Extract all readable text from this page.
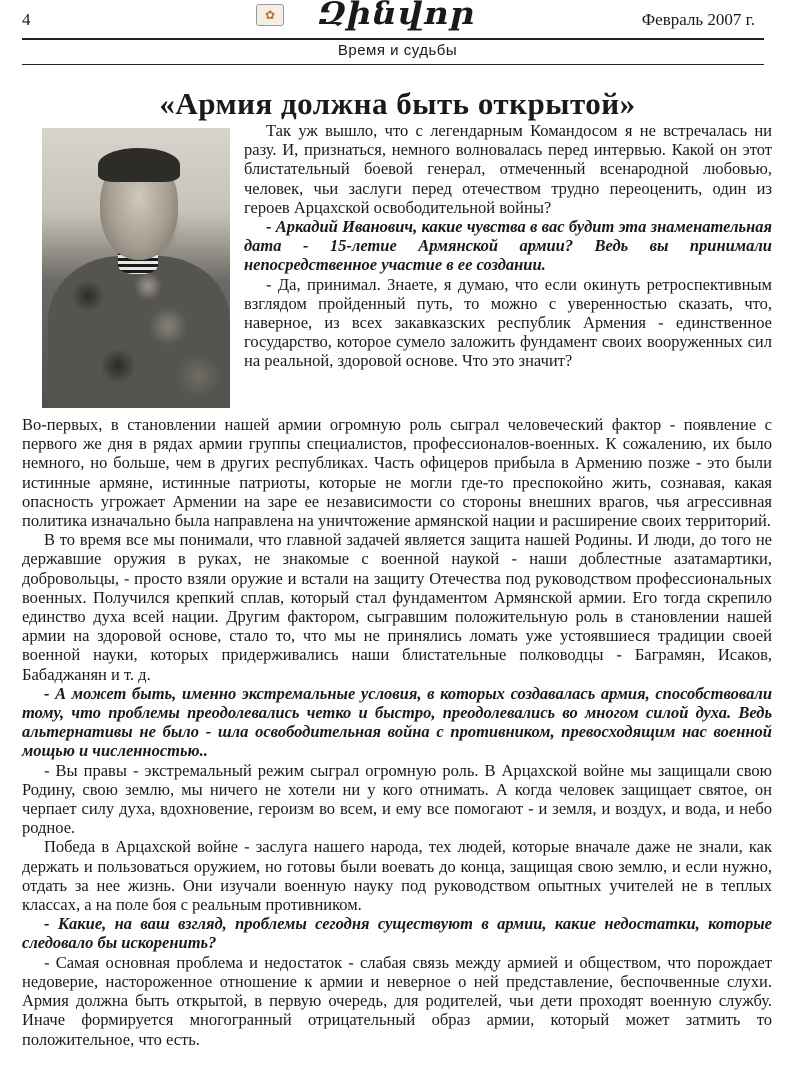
4	✿ Զինվոր	Февраль 2007 г.
Время и судьбы
«Армия должна быть открытой»

Так уж вышло, что с легендарным Командосом я не встречалась ни разу. И, признаться, немного волновалась перед интервью. Какой он этот блистательный боевой генерал, отмеченный всенародной любовью, человек, чьи заслуги перед отечеством трудно переоценить, один из героев Арцахской освободительной войны?

- Аркадий Иванович, какие чувства в вас будит эта знаменательная дата - 15-летие Армянской армии? Ведь вы принимали непосредственное участие в ее создании.

- Да, принимал. Знаете, я думаю, что если окинуть ретроспективным взглядом пройденный путь, то можно с уверенностью сказать, что, наверное, из всех закавказских республик Армения - единственное государство, которое сумело заложить фундамент своих вооруженных сил на реальной, здоровой основе. Что это значит?

Во-первых, в становлении нашей армии огромную роль сыграл человеческий фактор - появление с первого же дня в рядах армии группы специалистов, профессионалов-военных. К сожалению, их было немного, но больше, чем в других республиках. Часть офицеров прибыла в Армению позже - это были истинные армяне, истинные патриоты, которые не могли где-то преспокойно жить, сознавая, какая опасность угрожает Армении на заре ее независимости со стороны внешних врагов, чья агрессивная политика изначально была направлена на уничтожение армянской нации и расширение своих территорий.

В то время все мы понимали, что главной задачей является защита нашей Родины. И люди, до того не державшие оружия в руках, не знакомые с военной наукой - наши доблестные азатамартики, добровольцы, - просто взяли оружие и встали на защиту Отечества под руководством профессиональных военных. Получился крепкий сплав, который стал фундаментом Армянской армии. Его тогда скрепило единство духа всей нации. Другим фактором, сыгравшим положительную роль в становлении нашей армии на здоровой основе, стало то, что мы не принялись ломать уже устоявшиеся традиции своей военной науки, которых придерживались наши блистательные полководцы - Баграмян, Исаков, Бабаджанян и т. д.

- А может быть, именно экстремальные условия, в которых создавалась армия, способствовали тому, что проблемы преодолевались четко и быстро, преодолевались во многом силой духа. Ведь альтернативы не было - шла освободительная война с противником, превосходящим нас военной мощью и численностью..

- Вы правы - экстремальный режим сыграл огромную роль. В Арцахской войне мы защищали свою Родину, свою землю, мы ничего не хотели ни у кого отнимать. А когда человек защищает святое, он черпает силу духа, вдохновение, героизм во всем, и ему все помогают - и земля, и воздух, и вода, и небо родное.

Победа в Арцахской войне - заслуга нашего народа, тех людей, которые вначале даже не знали, как держать и пользоваться оружием, но готовы были воевать до конца, защищая свою землю, и если нужно, отдать за нее жизнь. Они изучали военную науку под руководством опытных учителей не в теплых классах, а на поле боя с реальным противником.

- Какие, на ваш взгляд, проблемы сегодня существуют в армии, какие недостатки, которые следовало бы искоренить?

- Самая основная проблема и недостаток - слабая связь между армией и обществом, что порождает недоверие, настороженное отношение к армии и неверное о ней представление, беспочвенные слухи. Армия должна быть открытой, в первую очередь, для родителей, чьи дети проходят военную службу. Иначе формируется многогранный отрицательный образ армии, который может затмить то положительное, что есть.
